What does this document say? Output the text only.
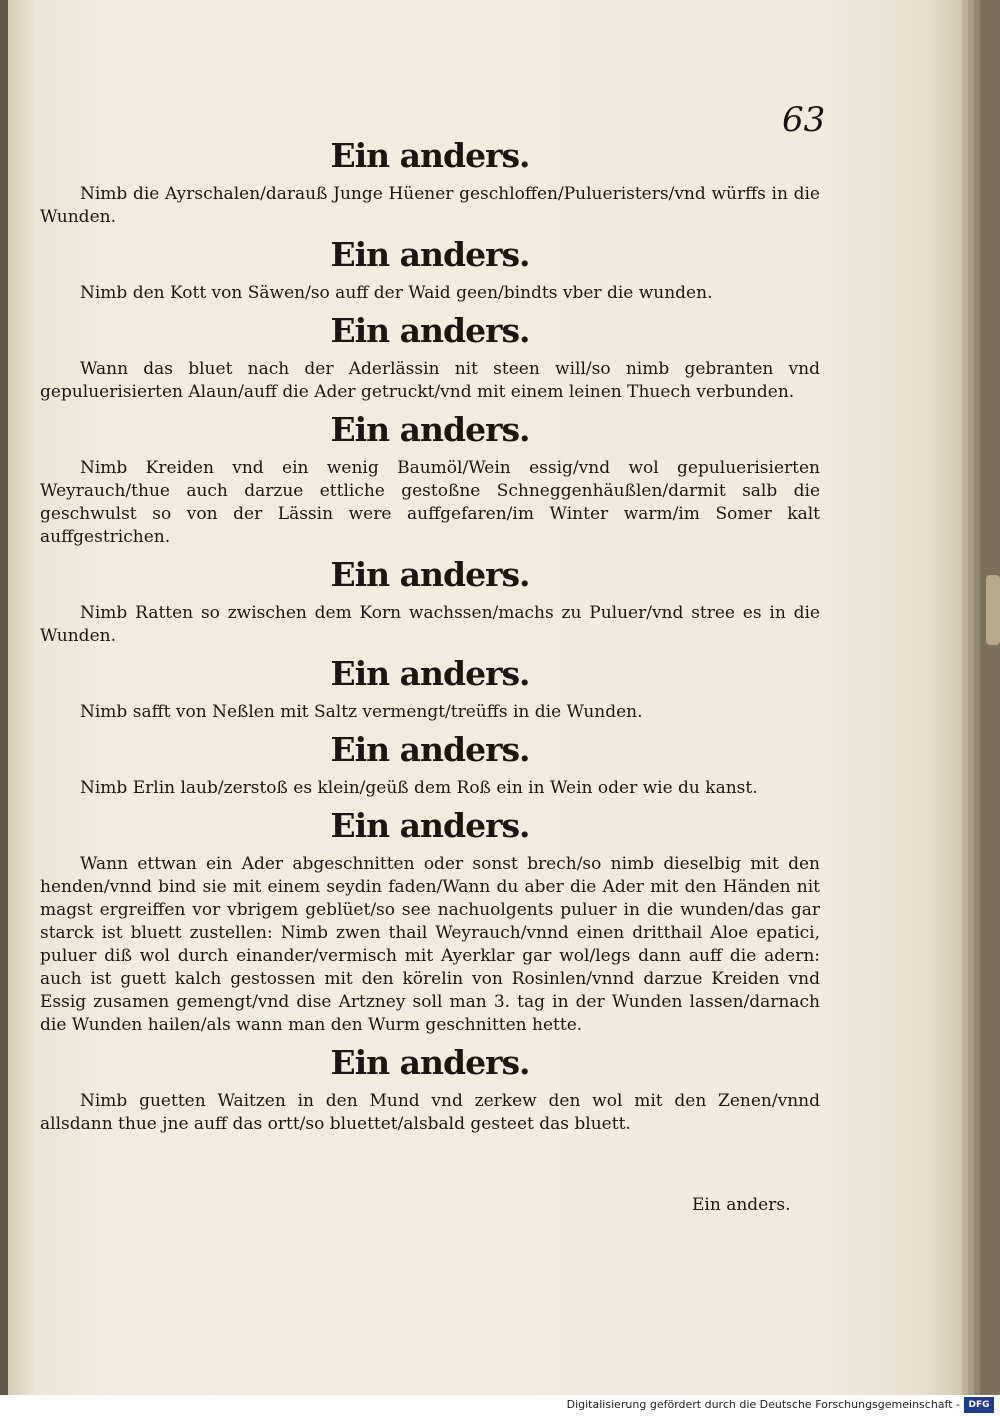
63
Ein anders.

Nimb die Ayrschalen/darauß Junge Hüener geschloffen/Pulueristers/vnd würffs in die Wunden.

Ein anders.

Nimb den Kott von Säwen/so auff der Waid geen/bindts vber die wunden.

Ein anders.

Wann das bluet nach der Aderlässin nit steen will/so nimb gebranten vnd gepuluerisierten Alaun/auff die Ader getruckt/vnd mit einem leinen Thuech verbunden.

Ein anders.

Nimb Kreiden vnd ein wenig Baumöl/Wein essig/vnd wol gepuluerisierten Weyrauch/thue auch darzue ettliche gestoßne Schneggenhäußlen/darmit salb die geschwulst so von der Lässin were auffgefaren/im Winter warm/im Somer kalt auffgestrichen.

Ein anders.

Nimb Ratten so zwischen dem Korn wachssen/machs zu Puluer/vnd stree es in die Wunden.

Ein anders.

Nimb safft von Neßlen mit Saltz vermengt/treüffs in die Wunden.

Ein anders.

Nimb Erlin laub/zerstoß es klein/geüß dem Roß ein in Wein oder wie du kanst.

Ein anders.

Wann ettwan ein Ader abgeschnitten oder sonst brech/so nimb dieselbig mit den henden/vnnd bind sie mit einem seydin faden/Wann du aber die Ader mit den Händen nit magst ergreiffen vor vbrigem geblüet/so see nachuolgents puluer in die wunden/das gar starck ist bluett zustellen: Nimb zwen thail Weyrauch/vnnd einen dritthail Aloe epatici, puluer diß wol durch einander/vermisch mit Ayerklar gar wol/legs dann auff die adern: auch ist guett kalch gestossen mit den körelin von Rosinlen/vnnd darzue Kreiden vnd Essig zusamen gemengt/vnd dise Artzney soll man 3. tag in der Wunden lassen/darnach die Wunden hailen/als wann man den Wurm geschnitten hette.

Ein anders.

Nimb guetten Waitzen in den Mund vnd zerkew den wol mit den Zenen/vnnd allsdann thue jne auff das ortt/so bluettet/alsbald gesteet das bluett.

Ein anders.
Digitalisierung gefördert durch die Deutsche Forschungsgemeinschaft - DFG
